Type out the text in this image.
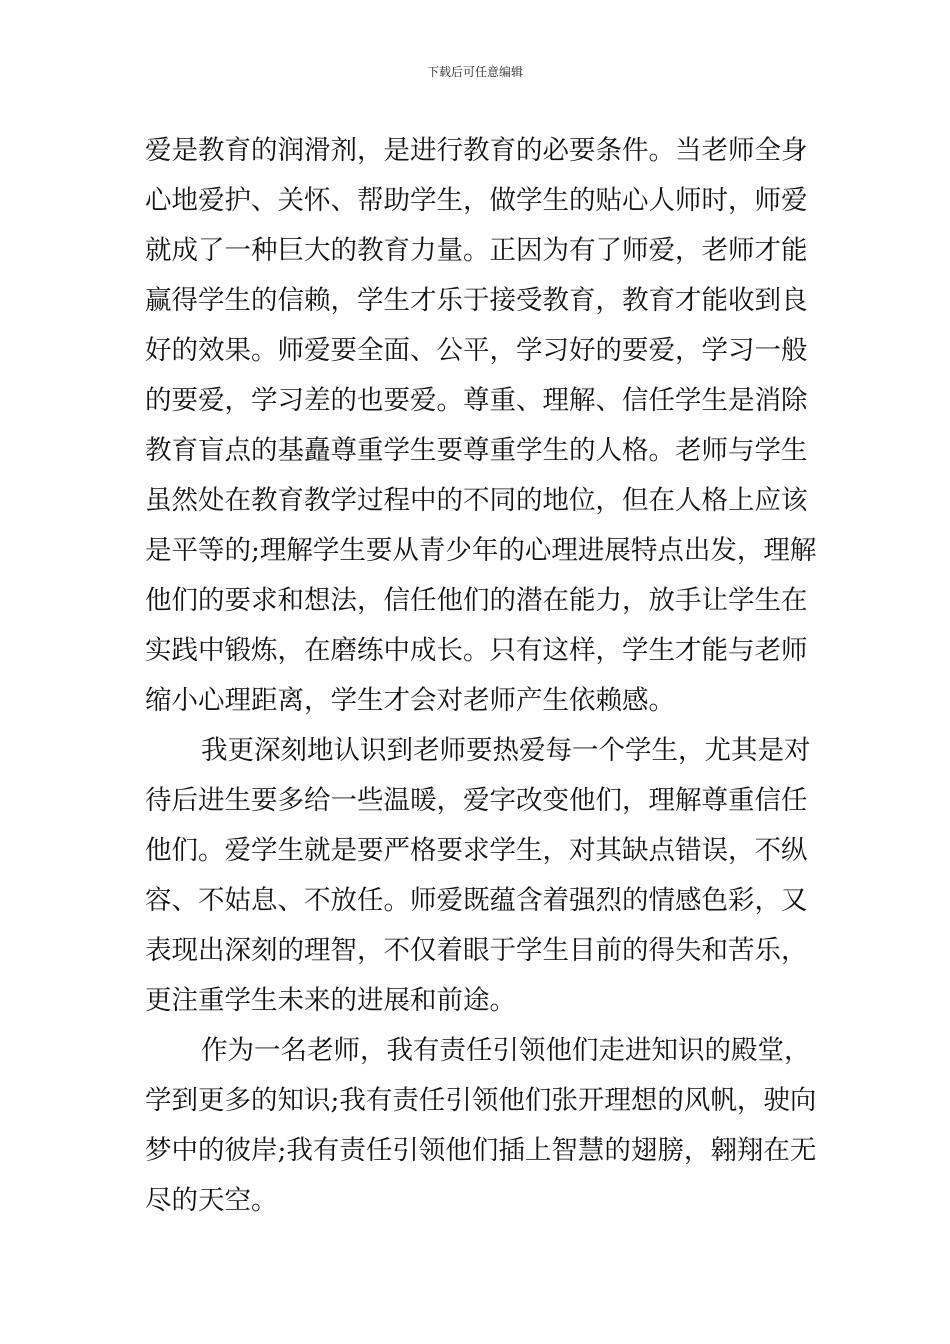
下载后可任意编辑
爱是教育的润滑剂，是进行教育的必要条件。当老师全身
心地爱护、关怀、帮助学生，做学生的贴心人师时，师爱
就成了一种巨大的教育力量。正因为有了师爱，老师才能
赢得学生的信赖，学生才乐于接受教育，教育才能收到良
好的效果。师爱要全面、公平，学习好的要爱，学习一般
的要爱，学习差的也要爱。尊重、理解、信任学生是消除
教育盲点的基矗尊重学生要尊重学生的人格。老师与学生
虽然处在教育教学过程中的不同的地位，但在人格上应该
是平等的;理解学生要从青少年的心理进展特点出发，理解
他们的要求和想法，信任他们的潜在能力，放手让学生在
实践中锻炼，在磨练中成长。只有这样，学生才能与老师
缩小心理距离，学生才会对老师产生依赖感。
我更深刻地认识到老师要热爱每一个学生，尤其是对
待后进生要多给一些温暖，爱字改变他们，理解尊重信任
他们。爱学生就是要严格要求学生，对其缺点错误，不纵
容、不姑息、不放任。师爱既蕴含着强烈的情感色彩，又
表现出深刻的理智，不仅着眼于学生目前的得失和苦乐，
更注重学生未来的进展和前途。
作为一名老师，我有责任引领他们走进知识的殿堂，
学到更多的知识;我有责任引领他们张开理想的风帆，驶向
梦中的彼岸;我有责任引领他们插上智慧的翅膀，翱翔在无
尽的天空。
